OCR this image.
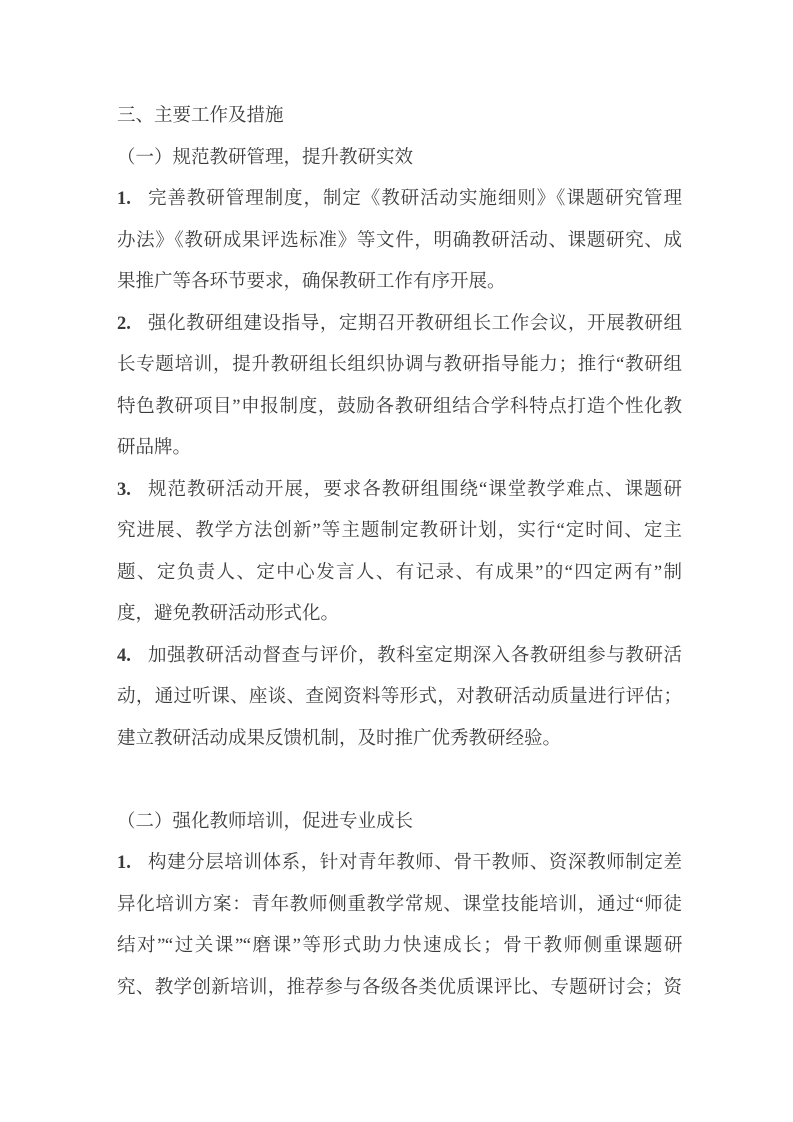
三、主要工作及措施
（一）规范教研管理，提升教研实效
1. 完善教研管理制度，制定《教研活动实施细则》《课题研究管理
办法》《教研成果评选标准》等文件，明确教研活动、课题研究、成
果推广等各环节要求，确保教研工作有序开展。
2. 强化教研组建设指导，定期召开教研组长工作会议，开展教研组
长专题培训，提升教研组长组织协调与教研指导能力；推行“教研组
特色教研项目”申报制度，鼓励各教研组结合学科特点打造个性化教
研品牌。
3. 规范教研活动开展，要求各教研组围绕“课堂教学难点、课题研
究进展、教学方法创新”等主题制定教研计划，实行“定时间、定主
题、定负责人、定中心发言人、有记录、有成果”的“四定两有”制
度，避免教研活动形式化。
4. 加强教研活动督查与评价，教科室定期深入各教研组参与教研活
动，通过听课、座谈、查阅资料等形式，对教研活动质量进行评估；
建立教研活动成果反馈机制，及时推广优秀教研经验。
（二）强化教师培训，促进专业成长
1. 构建分层培训体系，针对青年教师、骨干教师、资深教师制定差
异化培训方案：青年教师侧重教学常规、课堂技能培训，通过“师徒
结对”“过关课”“磨课”等形式助力快速成长；骨干教师侧重课题研
究、教学创新培训，推荐参与各级各类优质课评比、专题研讨会；资
